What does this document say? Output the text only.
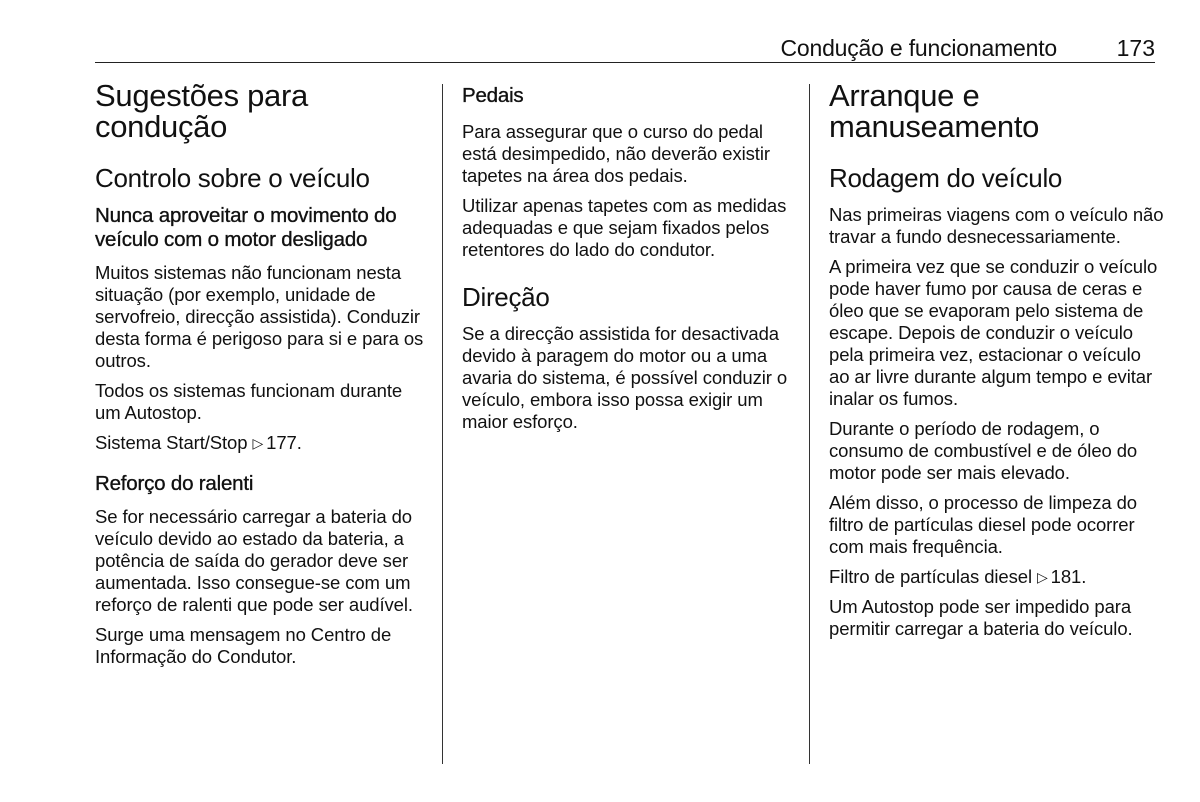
Condução e funcionamento	173
Sugestões para condução
Controlo sobre o veículo
Nunca aproveitar o movimento do veículo com o motor desligado

Muitos sistemas não funcionam nesta situação (por exemplo, unidade de servofreio, direcção assistida). Conduzir desta forma é perigoso para si e para os outros.

Todos os sistemas funcionam durante um Autostop.

Sistema Start/Stop ▷ 177.

Reforço do ralenti

Se for necessário carregar a bateria do veículo devido ao estado da bateria, a potência de saída do gerador deve ser aumentada. Isso consegue-se com um reforço de ralenti que pode ser audível.

Surge uma mensagem no Centro de Informação do Condutor.

Pedais

Para assegurar que o curso do pedal está desimpedido, não deverão existir tapetes na área dos pedais.

Utilizar apenas tapetes com as medidas adequadas e que sejam fixados pelos retentores do lado do condutor.

Direção

Se a direcção assistida for desactivada devido à paragem do motor ou a uma avaria do sistema, é possível conduzir o veículo, embora isso possa exigir um maior esforço.

Arranque e manuseamento
Rodagem do veículo

Nas primeiras viagens com o veículo não travar a fundo desnecessariamente.

A primeira vez que se conduzir o veículo pode haver fumo por causa de ceras e óleo que se evaporam pelo sistema de escape. Depois de conduzir o veículo pela primeira vez, estacionar o veículo ao ar livre durante algum tempo e evitar inalar os fumos.

Durante o período de rodagem, o consumo de combustível e de óleo do motor pode ser mais elevado.

Além disso, o processo de limpeza do filtro de partículas diesel pode ocorrer com mais frequência.

Filtro de partículas diesel ▷ 181.

Um Autostop pode ser impedido para permitir carregar a bateria do veículo.
